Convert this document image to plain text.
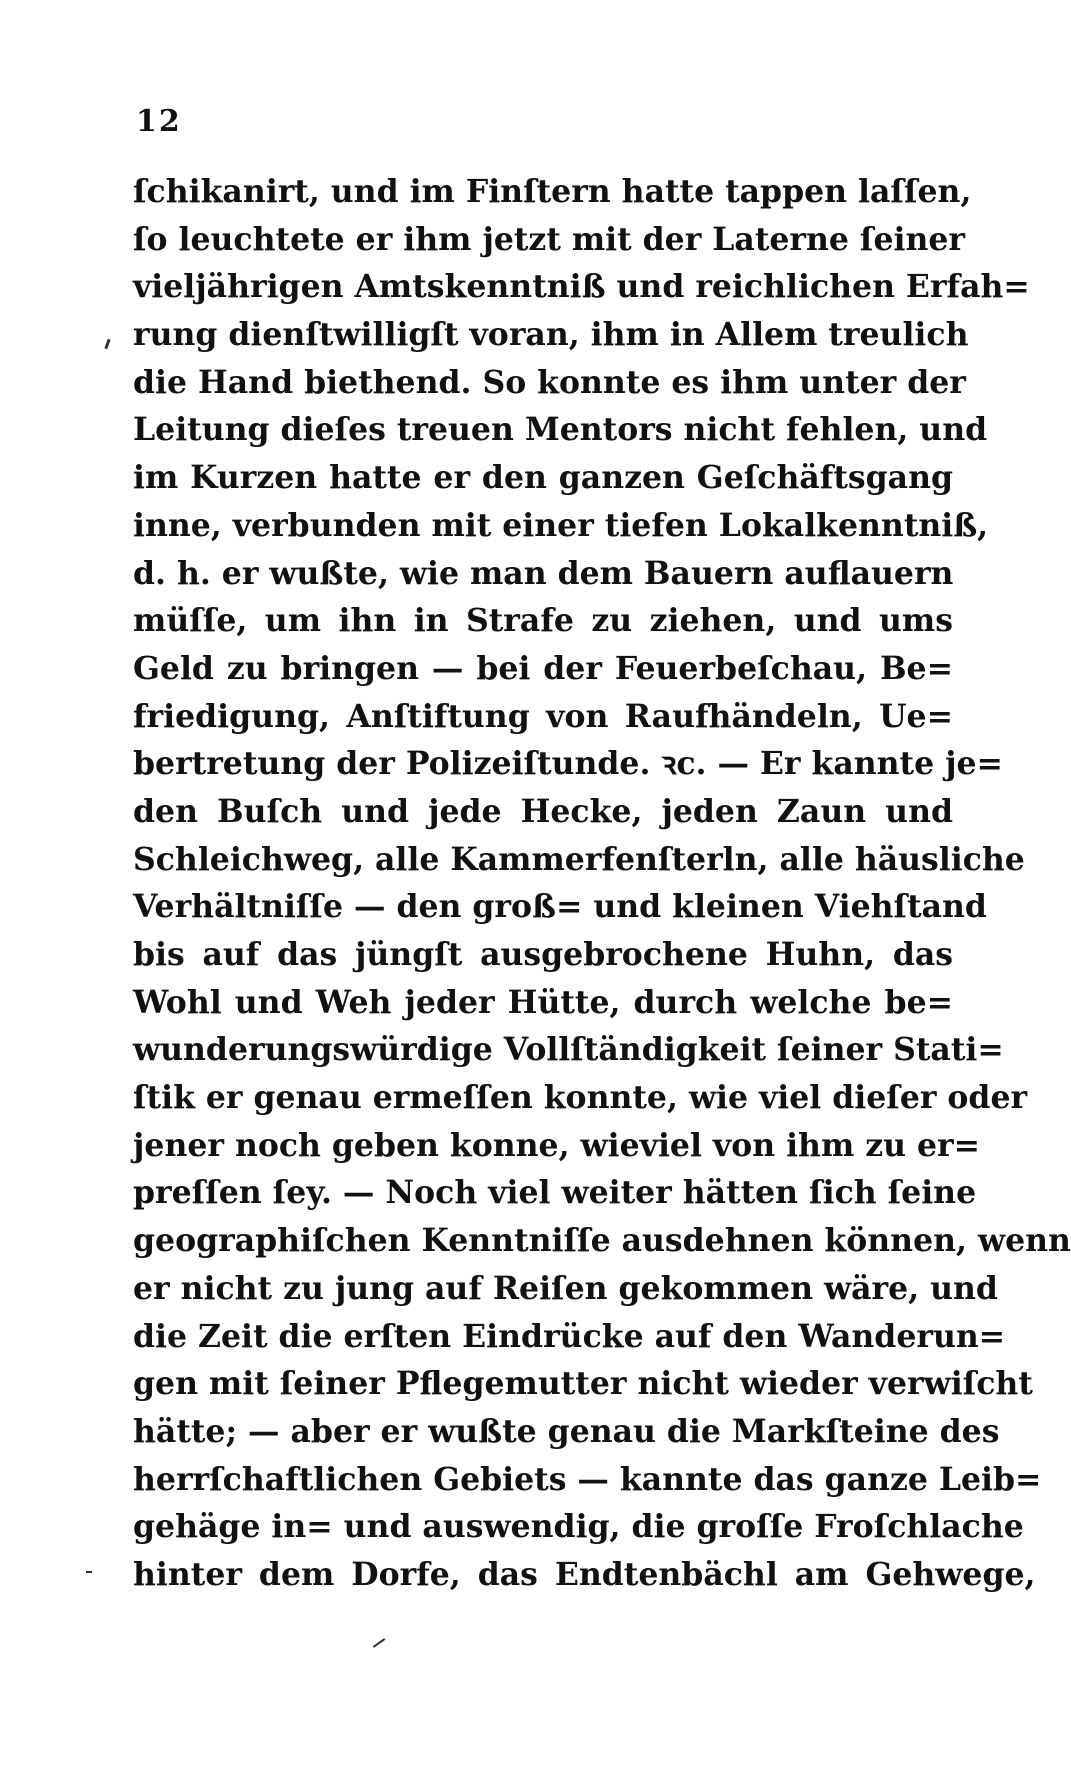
12
ſchikanirt, und im Finſtern hatte tappen laſſen,
ſo leuchtete er ihm jetzt mit der Laterne ſeiner
vieljährigen Amtskenntniß und reichlichen Erfah=
rung dienſtwilligſt voran, ihm in Allem treulich
die Hand biethend. So konnte es ihm unter der
Leitung dieſes treuen Mentors nicht fehlen, und
im Kurzen hatte er den ganzen Geſchäftsgang
inne, verbunden mit einer tiefen Lokalkenntniß,
d. h. er wußte, wie man dem Bauern auflauern
müſſe, um ihn in Strafe zu ziehen, und ums
Geld zu bringen — bei der Feuerbeſchau, Be=
friedigung, Anſtiftung von Raufhändeln, Ue=
bertretung der Polizeiſtunde. ꝛc. — Er kannte je=
den Buſch und jede Hecke, jeden Zaun und
Schleichweg, alle Kammerfenſterln, alle häusliche
Verhältniſſe — den groß= und kleinen Viehſtand
bis auf das jüngſt ausgebrochene Huhn, das
Wohl und Weh jeder Hütte, durch welche be=
wunderungswürdige Vollſtändigkeit ſeiner Stati=
ſtik er genau ermeſſen konnte, wie viel dieſer oder
jener noch geben konne, wieviel von ihm zu er=
preſſen ſey. — Noch viel weiter hätten ſich ſeine
geographiſchen Kenntniſſe ausdehnen können, wenn
er nicht zu jung auf Reiſen gekommen wäre, und
die Zeit die erſten Eindrücke auf den Wanderun=
gen mit ſeiner Pflegemutter nicht wieder verwiſcht
hätte; — aber er wußte genau die Markſteine des
herrſchaftlichen Gebiets — kannte das ganze Leib=
gehäge in= und auswendig, die groſſe Froſchlache
hinter dem Dorfe, das Endtenbächl am Gehwege,
